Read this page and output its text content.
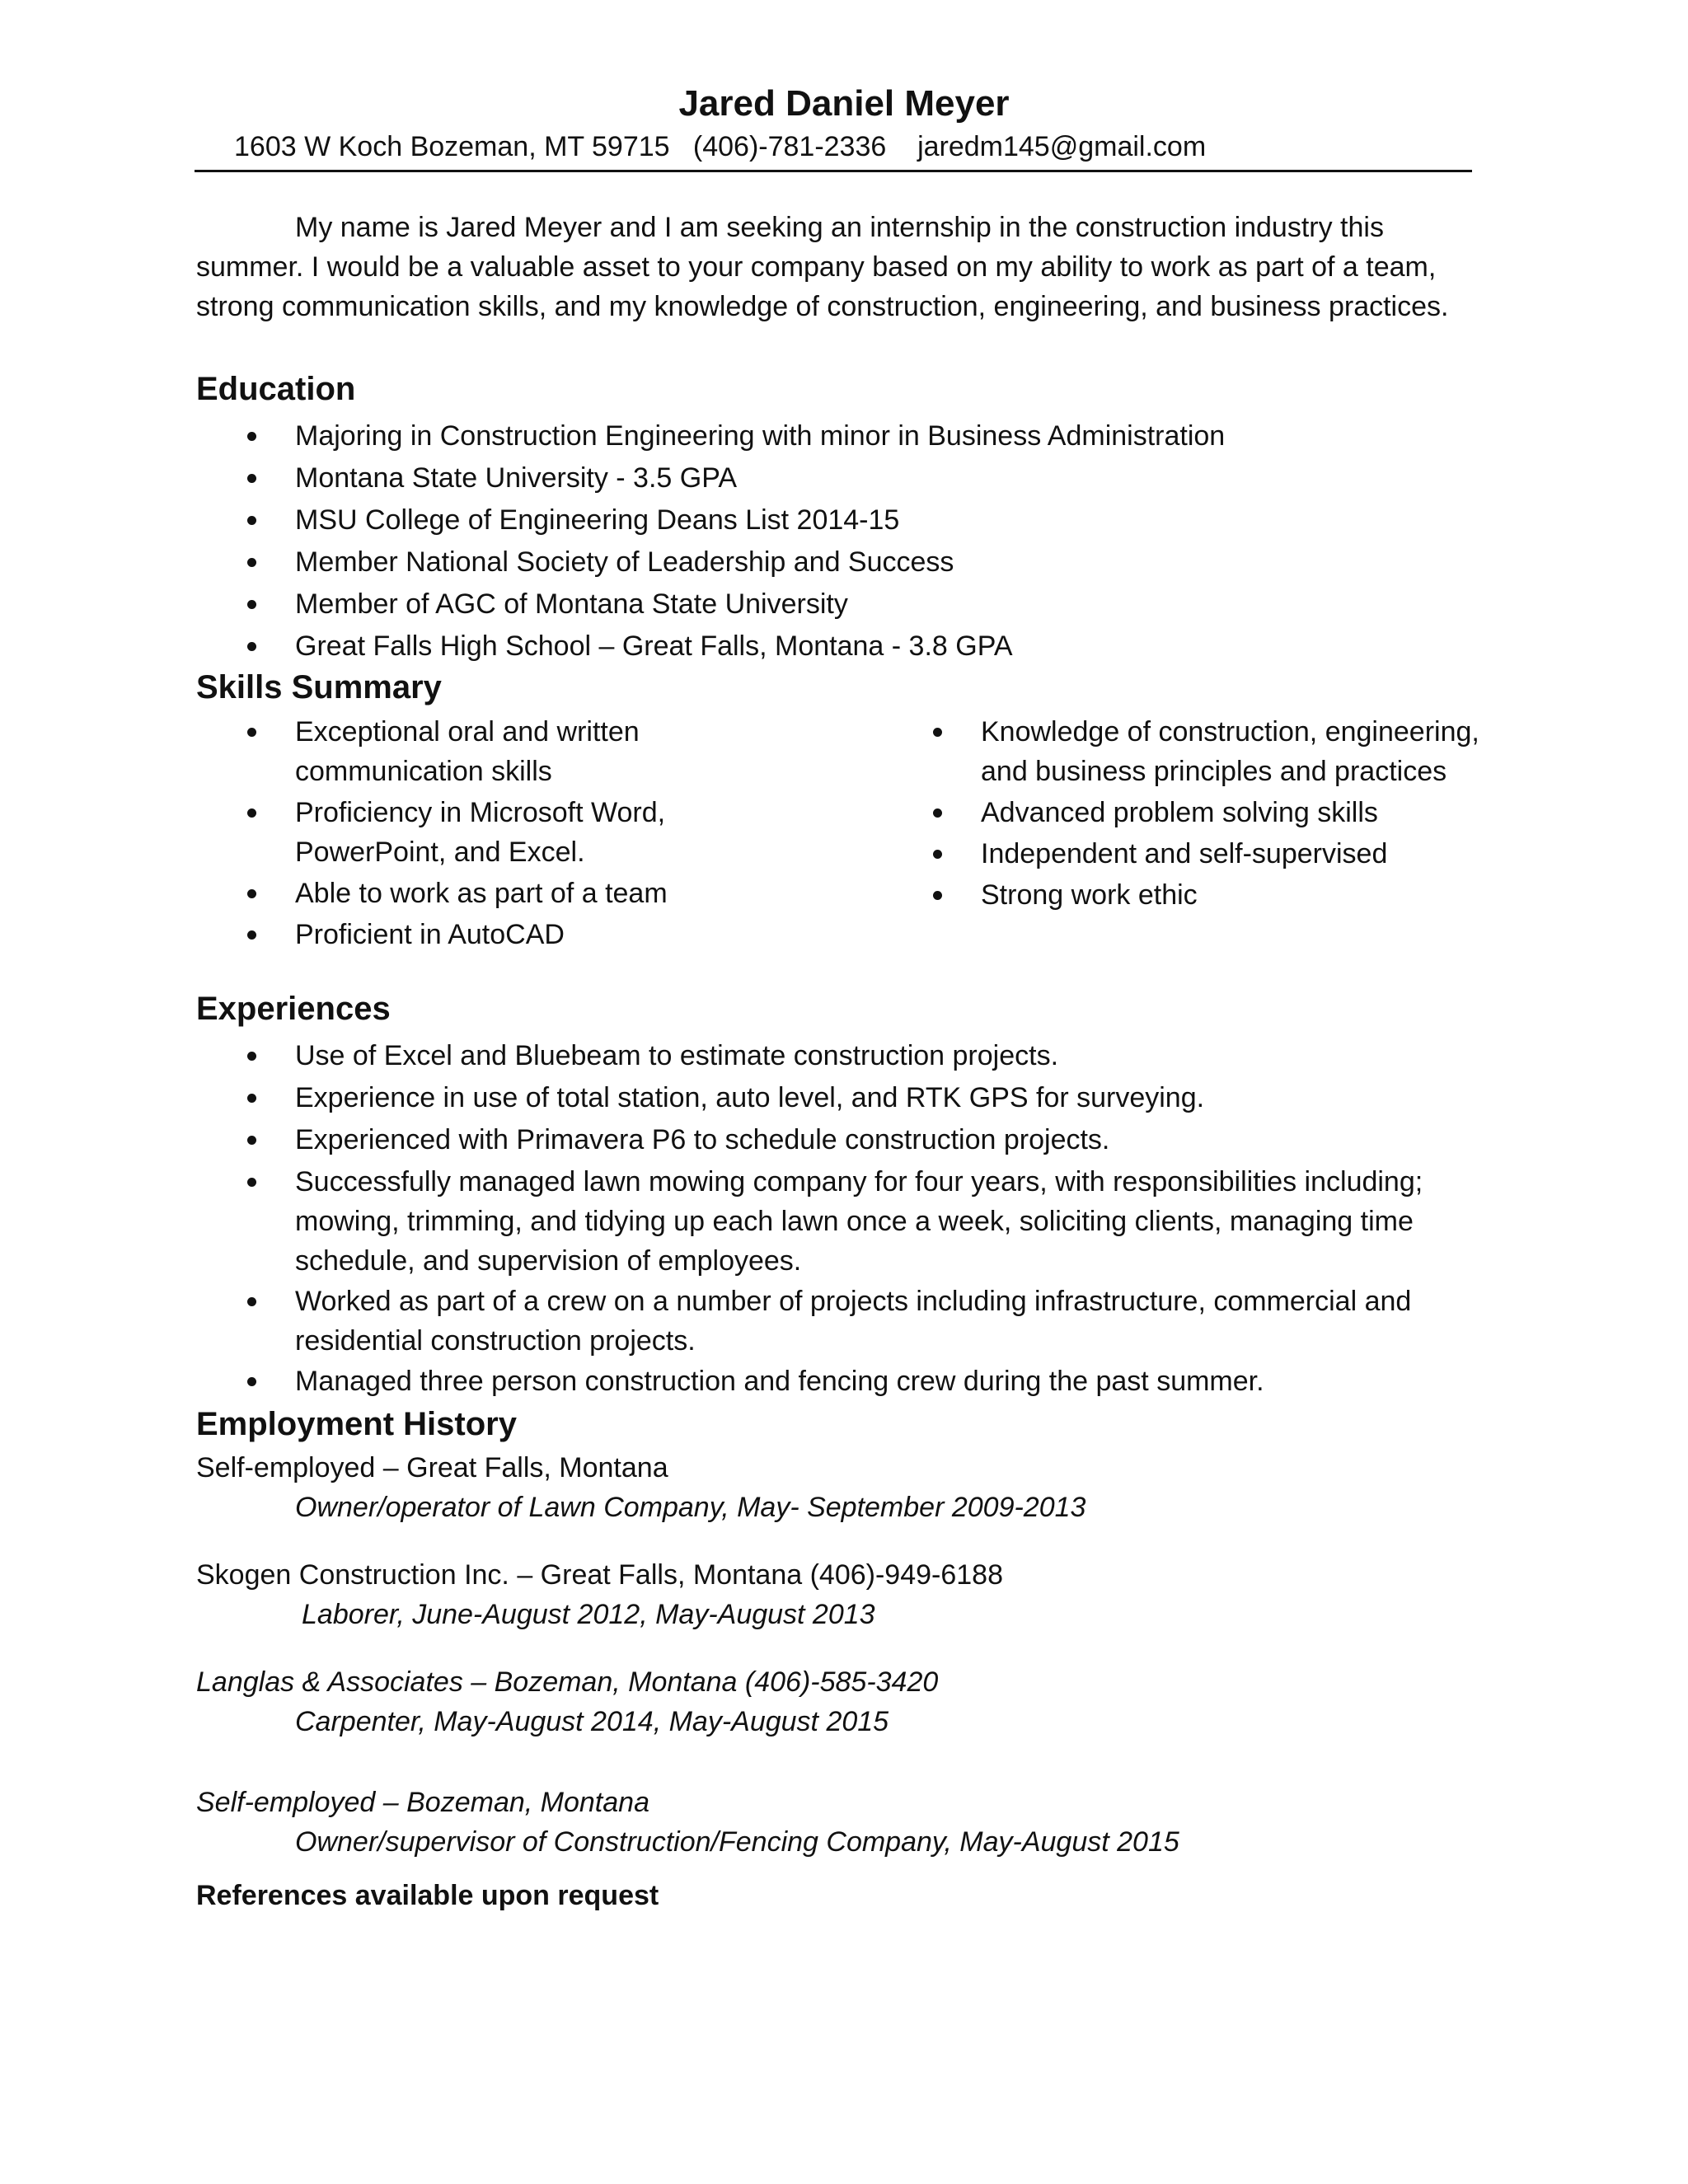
Jared Daniel Meyer
1603 W Koch Bozeman, MT 59715   (406)-781-2336    jaredm145@gmail.com
My name is Jared Meyer and I am seeking an internship in the construction industry this summer. I would be a valuable asset to your company based on my ability to work as part of a team, strong communication skills, and my knowledge of construction, engineering, and business practices.
Education
Majoring in Construction Engineering with minor in Business Administration
Montana State University - 3.5 GPA
MSU College of Engineering Deans List 2014-15
Member National Society of Leadership and Success
Member of AGC of Montana State University
Great Falls High School – Great Falls, Montana - 3.8 GPA
Skills Summary
Exceptional oral and written communication skills
Proficiency in Microsoft Word, PowerPoint, and Excel.
Able to work as part of a team
Proficient in AutoCAD
Knowledge of construction, engineering, and business principles and practices
Advanced problem solving skills
Independent and self-supervised
Strong work ethic
Experiences
Use of Excel and Bluebeam to estimate construction projects.
Experience in use of total station, auto level, and RTK GPS for surveying.
Experienced with Primavera P6 to schedule construction projects.
Successfully managed lawn mowing company for four years, with responsibilities including; mowing, trimming, and tidying up each lawn once a week, soliciting clients, managing time schedule, and supervision of employees.
Worked as part of a crew on a number of projects including infrastructure, commercial and residential construction projects.
Managed three person construction and fencing crew during the past summer.
Employment History
Self-employed – Great Falls, Montana
Owner/operator of Lawn Company, May- September 2009-2013
Skogen Construction Inc. – Great Falls, Montana (406)-949-6188
Laborer, June-August 2012, May-August 2013
Langlas & Associates – Bozeman, Montana (406)-585-3420
Carpenter, May-August 2014, May-August 2015
Self-employed – Bozeman, Montana
Owner/supervisor of Construction/Fencing Company, May-August 2015
References available upon request
